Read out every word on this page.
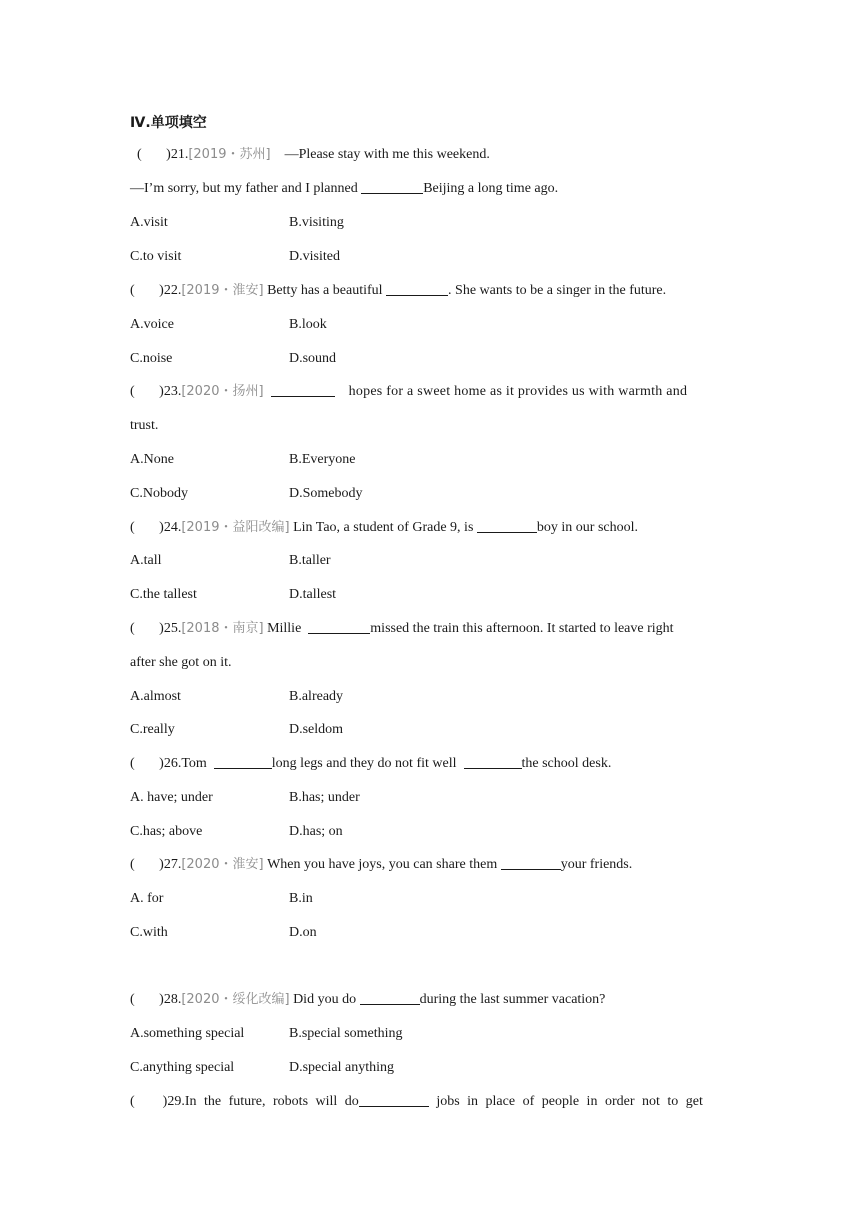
Ⅳ.单项填空
(       )21.[2019・苏州] —Please stay with me this weekend.
—I’m sorry, but my father and I planned	Beijing a long time ago.
A.visit	B.visiting
C.to visit	D.visited
(       )22.[2019・淮安] Betty has a beautiful	. She wants to be a singer in the future.
A.voice	B.look
C.noise	D.sound
(       )23.[2020・扬州]	hopes for a sweet home as it provides us with warmth and
trust.
A.None	B.Everyone
C.Nobody	D.Somebody
(       )24.[2019・益阳改编] Lin Tao, a student of Grade 9, is	boy in our school.
A.tall	B.taller
C.the tallest	D.tallest
(       )25.[2018・南京] Millie	missed the train this afternoon. It started to leave right
after she got on it.
A.almost	B.already
C.really	D.seldom
(       )26.Tom	long legs and they do not fit well	the school desk.
A. have; under	B.has; under
C.has; above	D.has; on
(       )27.[2020・淮安] When you have joys, you can share them	your friends.
A. for	B.in
C.with	D.on
(       )28.[2020・绥化改编] Did you do	during the last summer vacation?
A.something special	B.special something
C.anything special	D.special anything
(        )29.In the future, robots will do	jobs in place of people in order not to get
